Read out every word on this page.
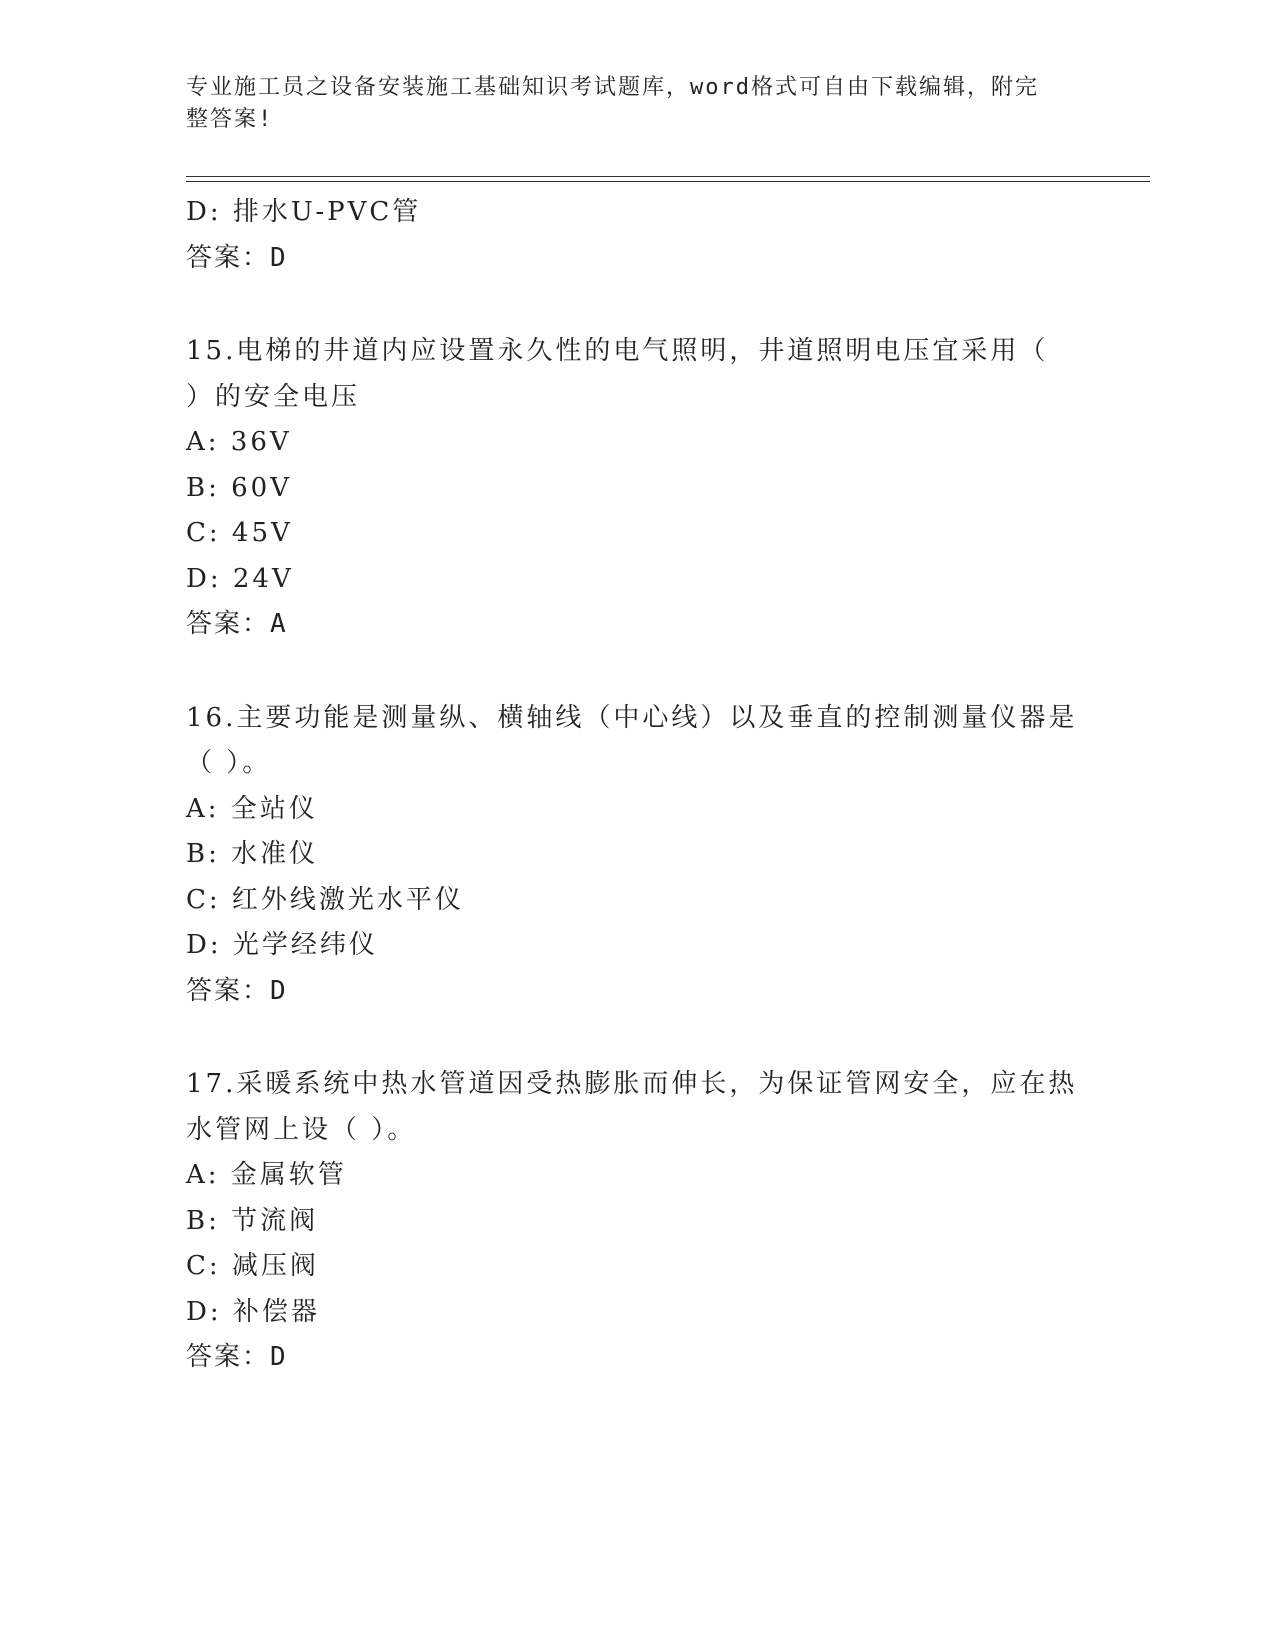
专业施工员之设备安装施工基础知识考试题库，word格式可自由下载编辑，附完
整答案!
D: 排水U-PVC管
答案：D
15.电梯的井道内应设置永久性的电气照明，井道照明电压宜采用（
）的安全电压
A: 36V
B: 60V
C: 45V
D: 24V
答案：A
16.主要功能是测量纵、横轴线（中心线）以及垂直的控制测量仪器是
（ ）。
A: 全站仪
B: 水准仪
C: 红外线激光水平仪
D: 光学经纬仪
答案：D
17.采暖系统中热水管道因受热膨胀而伸长，为保证管网安全，应在热
水管网上设（ ）。
A: 金属软管
B: 节流阀
C: 减压阀
D: 补偿器
答案：D
